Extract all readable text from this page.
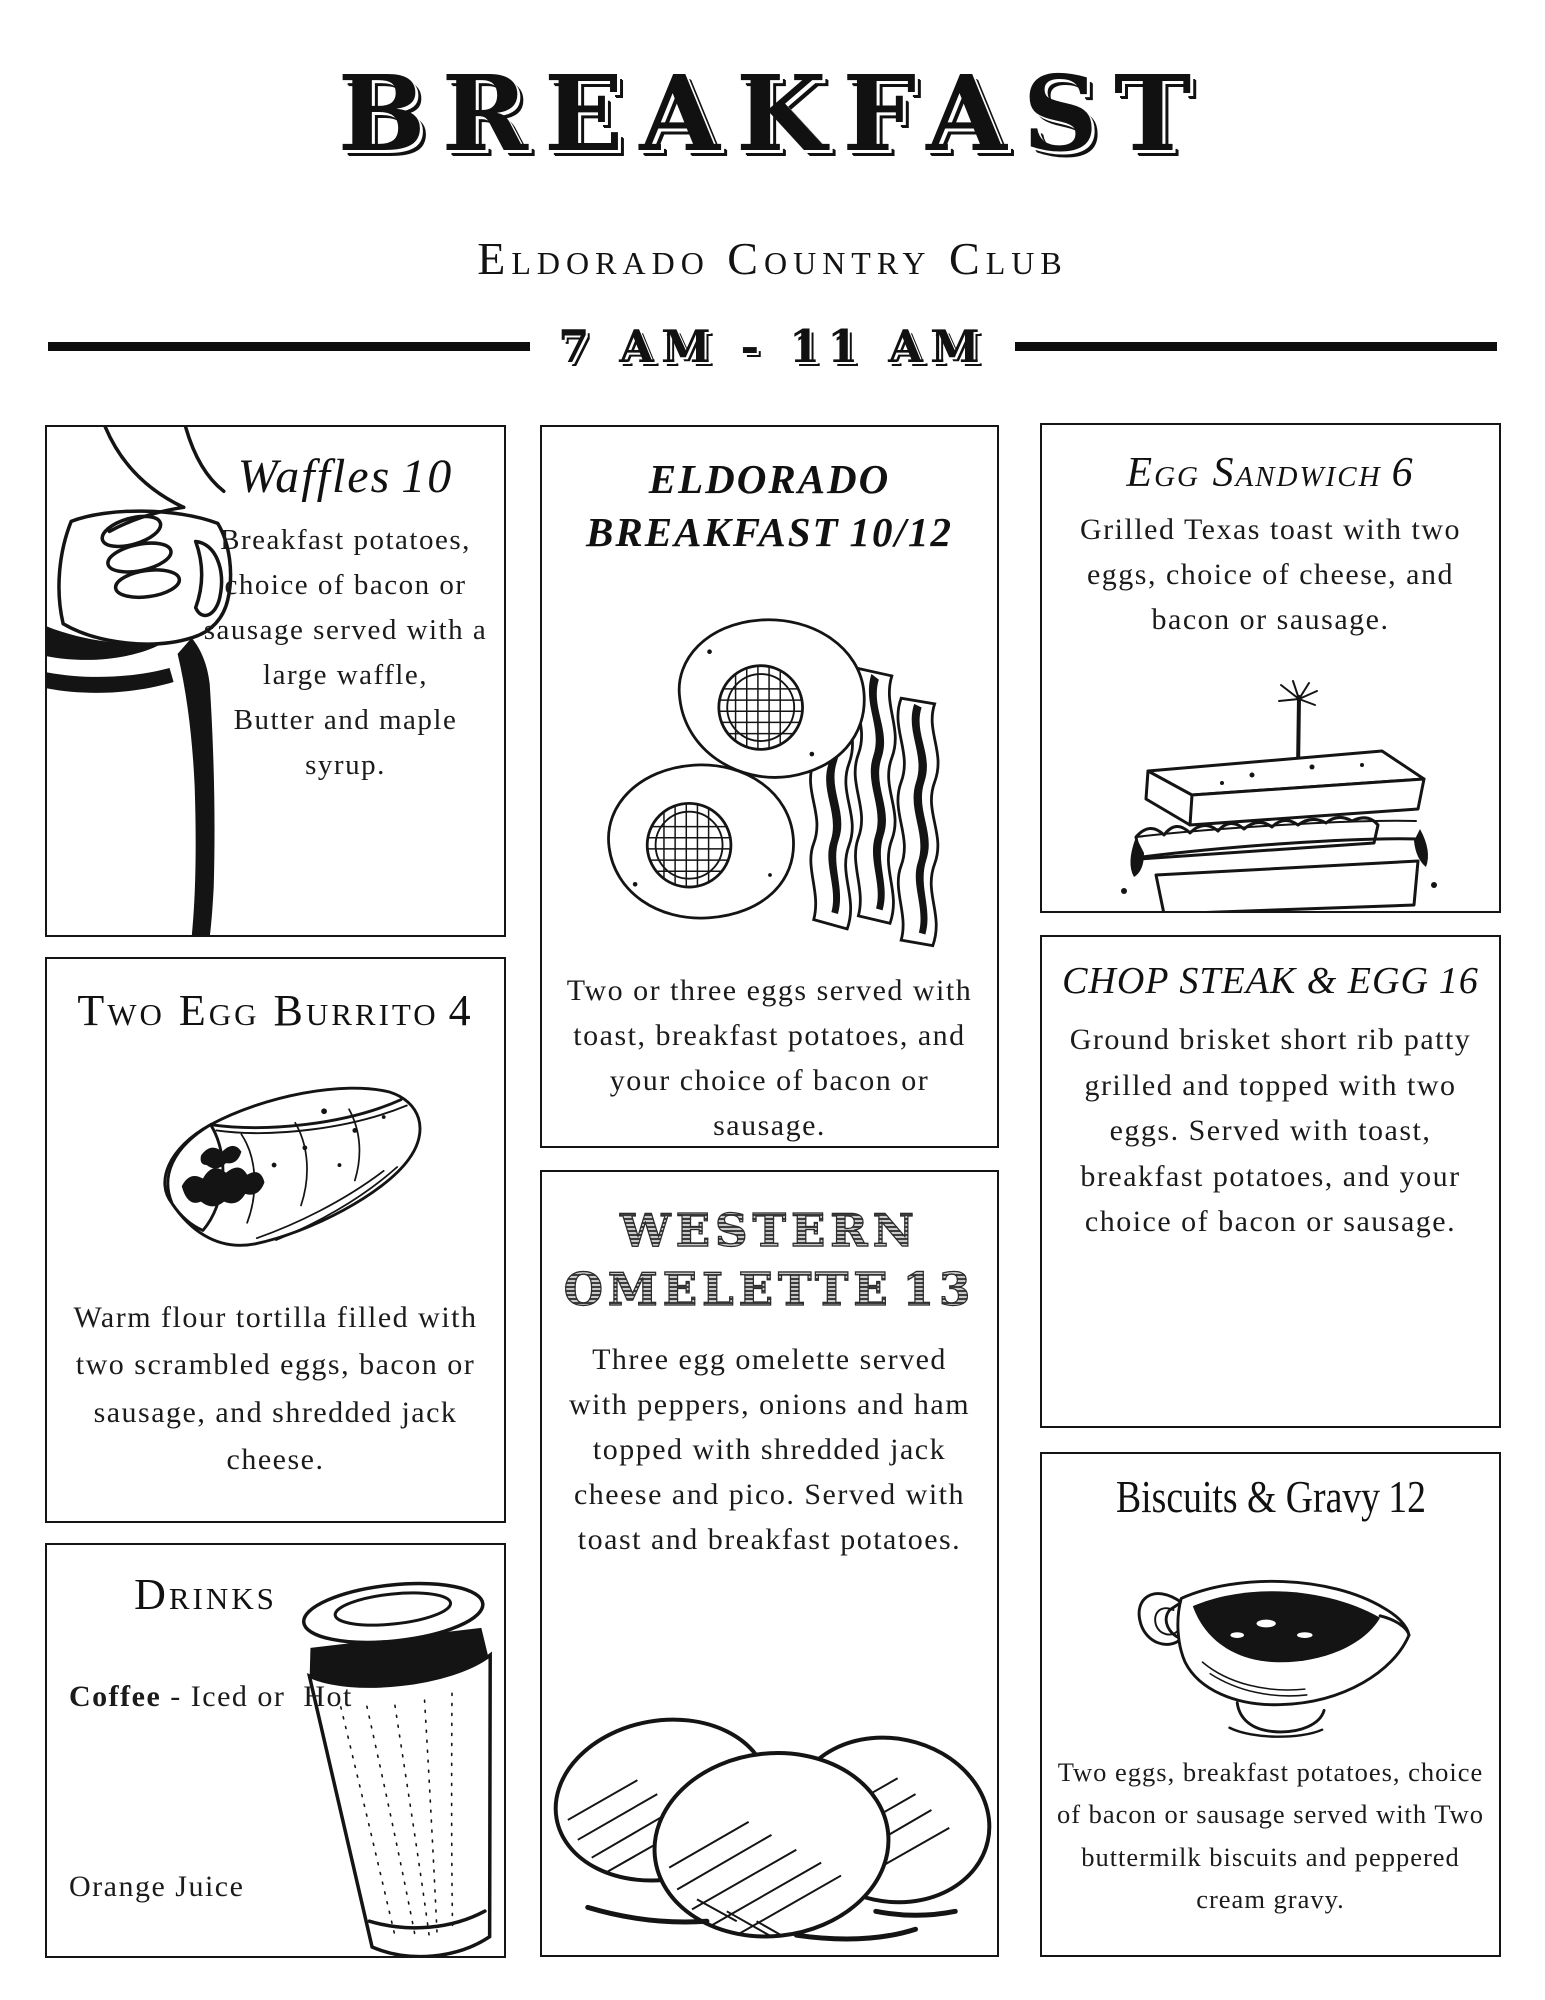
BREAKFAST
Eldorado Country Club
7 AM - 11 AM
Waffles 10

Breakfast potatoes, choice of bacon or sausage served with a large waffle,

Butter and maple syrup.

Two Egg Burrito 4

Warm flour tortilla filled with two scrambled eggs, bacon or sausage, and shredded jack cheese.

Drinks

Coffee - Iced or  Hot

Orange Juice

ELDORADO
BREAKFAST 10/12

Two or three eggs served with toast, breakfast potatoes, and your choice of bacon or sausage.

WESTERN
OMELETTE 13

Three egg omelette served with peppers, onions and ham topped with shredded jack cheese and pico. Served with toast and breakfast potatoes.

Egg Sandwich 6

Grilled Texas toast with two eggs, choice of cheese, and bacon or sausage.

CHOP STEAK & EGG 16

Ground brisket short rib patty grilled and topped with two eggs. Served with toast, breakfast potatoes, and your choice of bacon or sausage.

Biscuits & Gravy 12

Two eggs, breakfast potatoes, choice of bacon or sausage served with Two buttermilk biscuits and peppered cream gravy.
